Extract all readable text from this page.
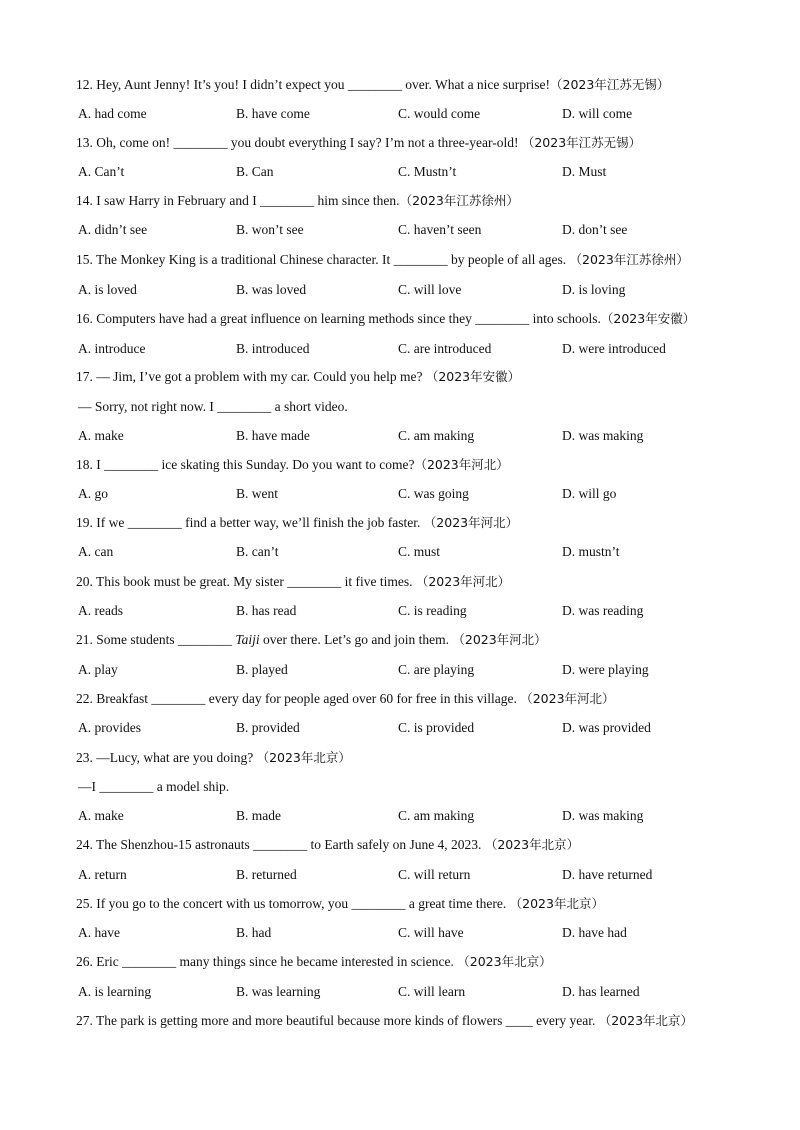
12. Hey, Aunt Jenny! It’s you! I didn’t expect you ________ over. What a nice surprise!（2023年江苏无锡）
A. had come	B. have come	C. would come	D. will come
13. Oh, come on! ________ you doubt everything I say? I’m not a three-year-old! （2023年江苏无锡）
A. Can’t	B. Can	C. Mustn’t	D. Must
14. I saw Harry in February and I ________ him since then.（2023年江苏徐州）
A. didn’t see	B. won’t see	C. haven’t seen	D. don’t see
15. The Monkey King is a traditional Chinese character. It ________ by people of all ages. （2023年江苏徐州）
A. is loved	B. was loved	C. will love	D. is loving
16. Computers have had a great influence on learning methods since they ________ into schools.（2023年安徽）
A. introduce	B. introduced	C. are introduced	D. were introduced
17. — Jim, I’ve got a problem with my car. Could you help me? （2023年安徽）
— Sorry, not right now. I ________ a short video.
A. make	B. have made	C. am making	D. was making
18. I ________ ice skating this Sunday. Do you want to come?（2023年河北）
A. go	B. went	C. was going	D. will go
19. If we ________ find a better way, we’ll finish the job faster. （2023年河北）
A. can	B. can’t	C. must	D. mustn’t
20. This book must be great. My sister ________ it five times. （2023年河北）
A. reads	B. has read	C. is reading	D. was reading
21. Some students ________ Taiji over there. Let’s go and join them. （2023年河北）
A. play	B. played	C. are playing	D. were playing
22. Breakfast ________ every day for people aged over 60 for free in this village. （2023年河北）
A. provides	B. provided	C. is provided	D. was provided
23. —Lucy, what are you doing? （2023年北京）
—I ________ a model ship.
A. make	B. made	C. am making	D. was making
24. The Shenzhou-15 astronauts ________ to Earth safely on June 4, 2023. （2023年北京）
A. return	B. returned	C. will return	D. have returned
25. If you go to the concert with us tomorrow, you ________ a great time there. （2023年北京）
A. have	B. had	C. will have	D. have had
26. Eric ________ many things since he became interested in science. （2023年北京）
A. is learning	B. was learning	C. will learn	D. has learned
27. The park is getting more and more beautiful because more kinds of flowers ____ every year. （2023年北京）
